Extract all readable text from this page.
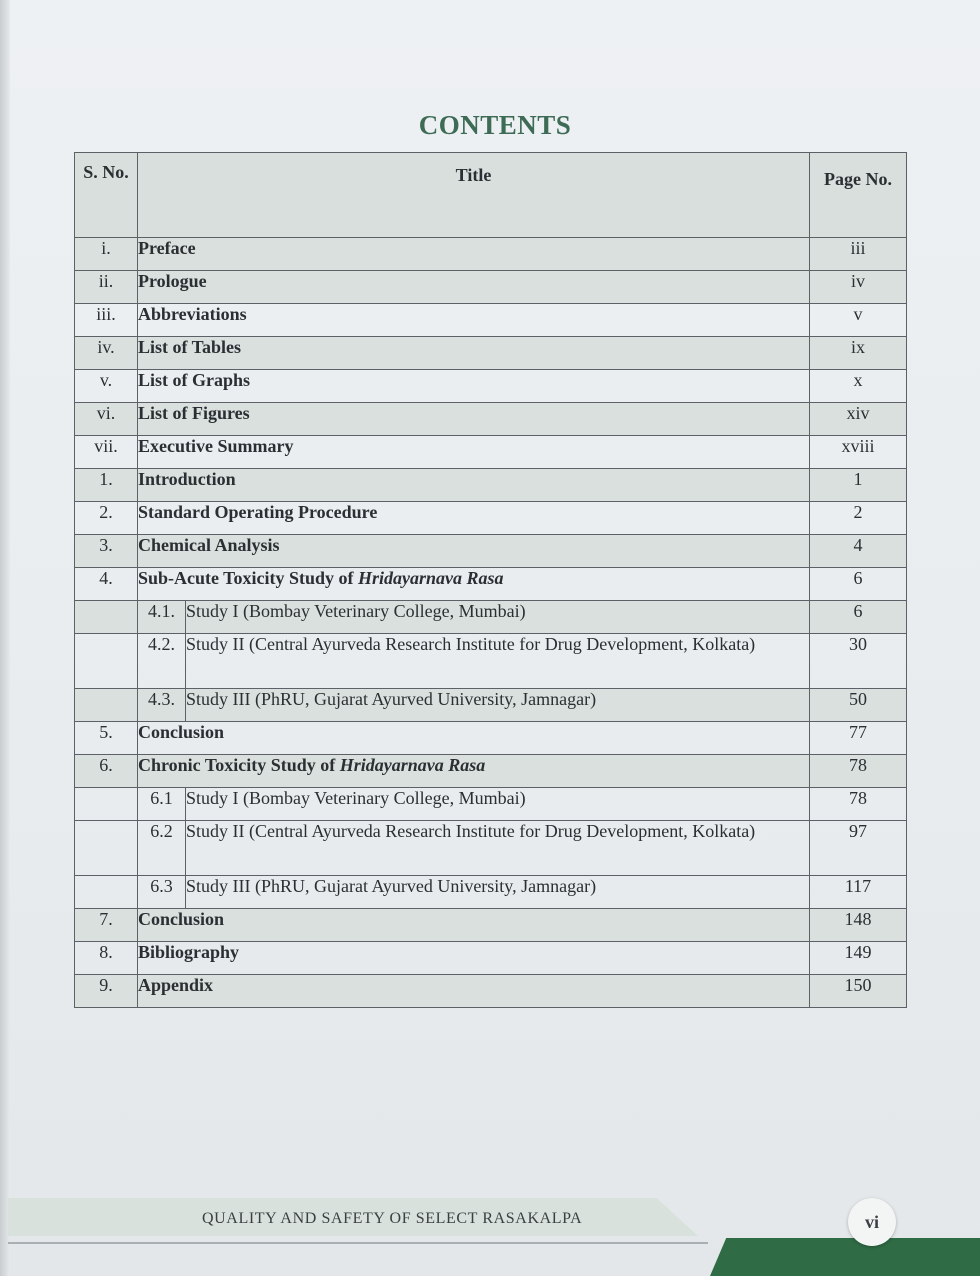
CONTENTS
S. No.	Title		Page No.
i.	Preface		iii
ii.	Prologue		iv
iii.	Abbreviations		v
iv.	List of Tables		ix
v.	List of Graphs		x
vi.	List of Figures		xiv
vii.	Executive Summary		xviii
1.	Introduction		1
2.	Standard Operating Procedure		2
3.	Chemical Analysis		4
4.	Sub-Acute Toxicity Study of Hridayarnava Rasa		6
	4.1.	Study I (Bombay Veterinary College, Mumbai)	6
	4.2.	Study II (Central Ayurveda Research Institute for Drug Development, Kolkata)	30
	4.3.	Study III (PhRU, Gujarat Ayurved University, Jamnagar)	50
5.	Conclusion		77
6.	Chronic Toxicity Study of Hridayarnava Rasa		78
	6.1	Study I (Bombay Veterinary College, Mumbai)	78
	6.2	Study II (Central Ayurveda Research Institute for Drug Development, Kolkata)	97
	6.3	Study III (PhRU, Gujarat Ayurved University, Jamnagar)	117
7.	Conclusion		148
8.	Bibliography		149
9.	Appendix		150
QUALITY AND SAFETY OF SELECT RASAKALPA	vi
